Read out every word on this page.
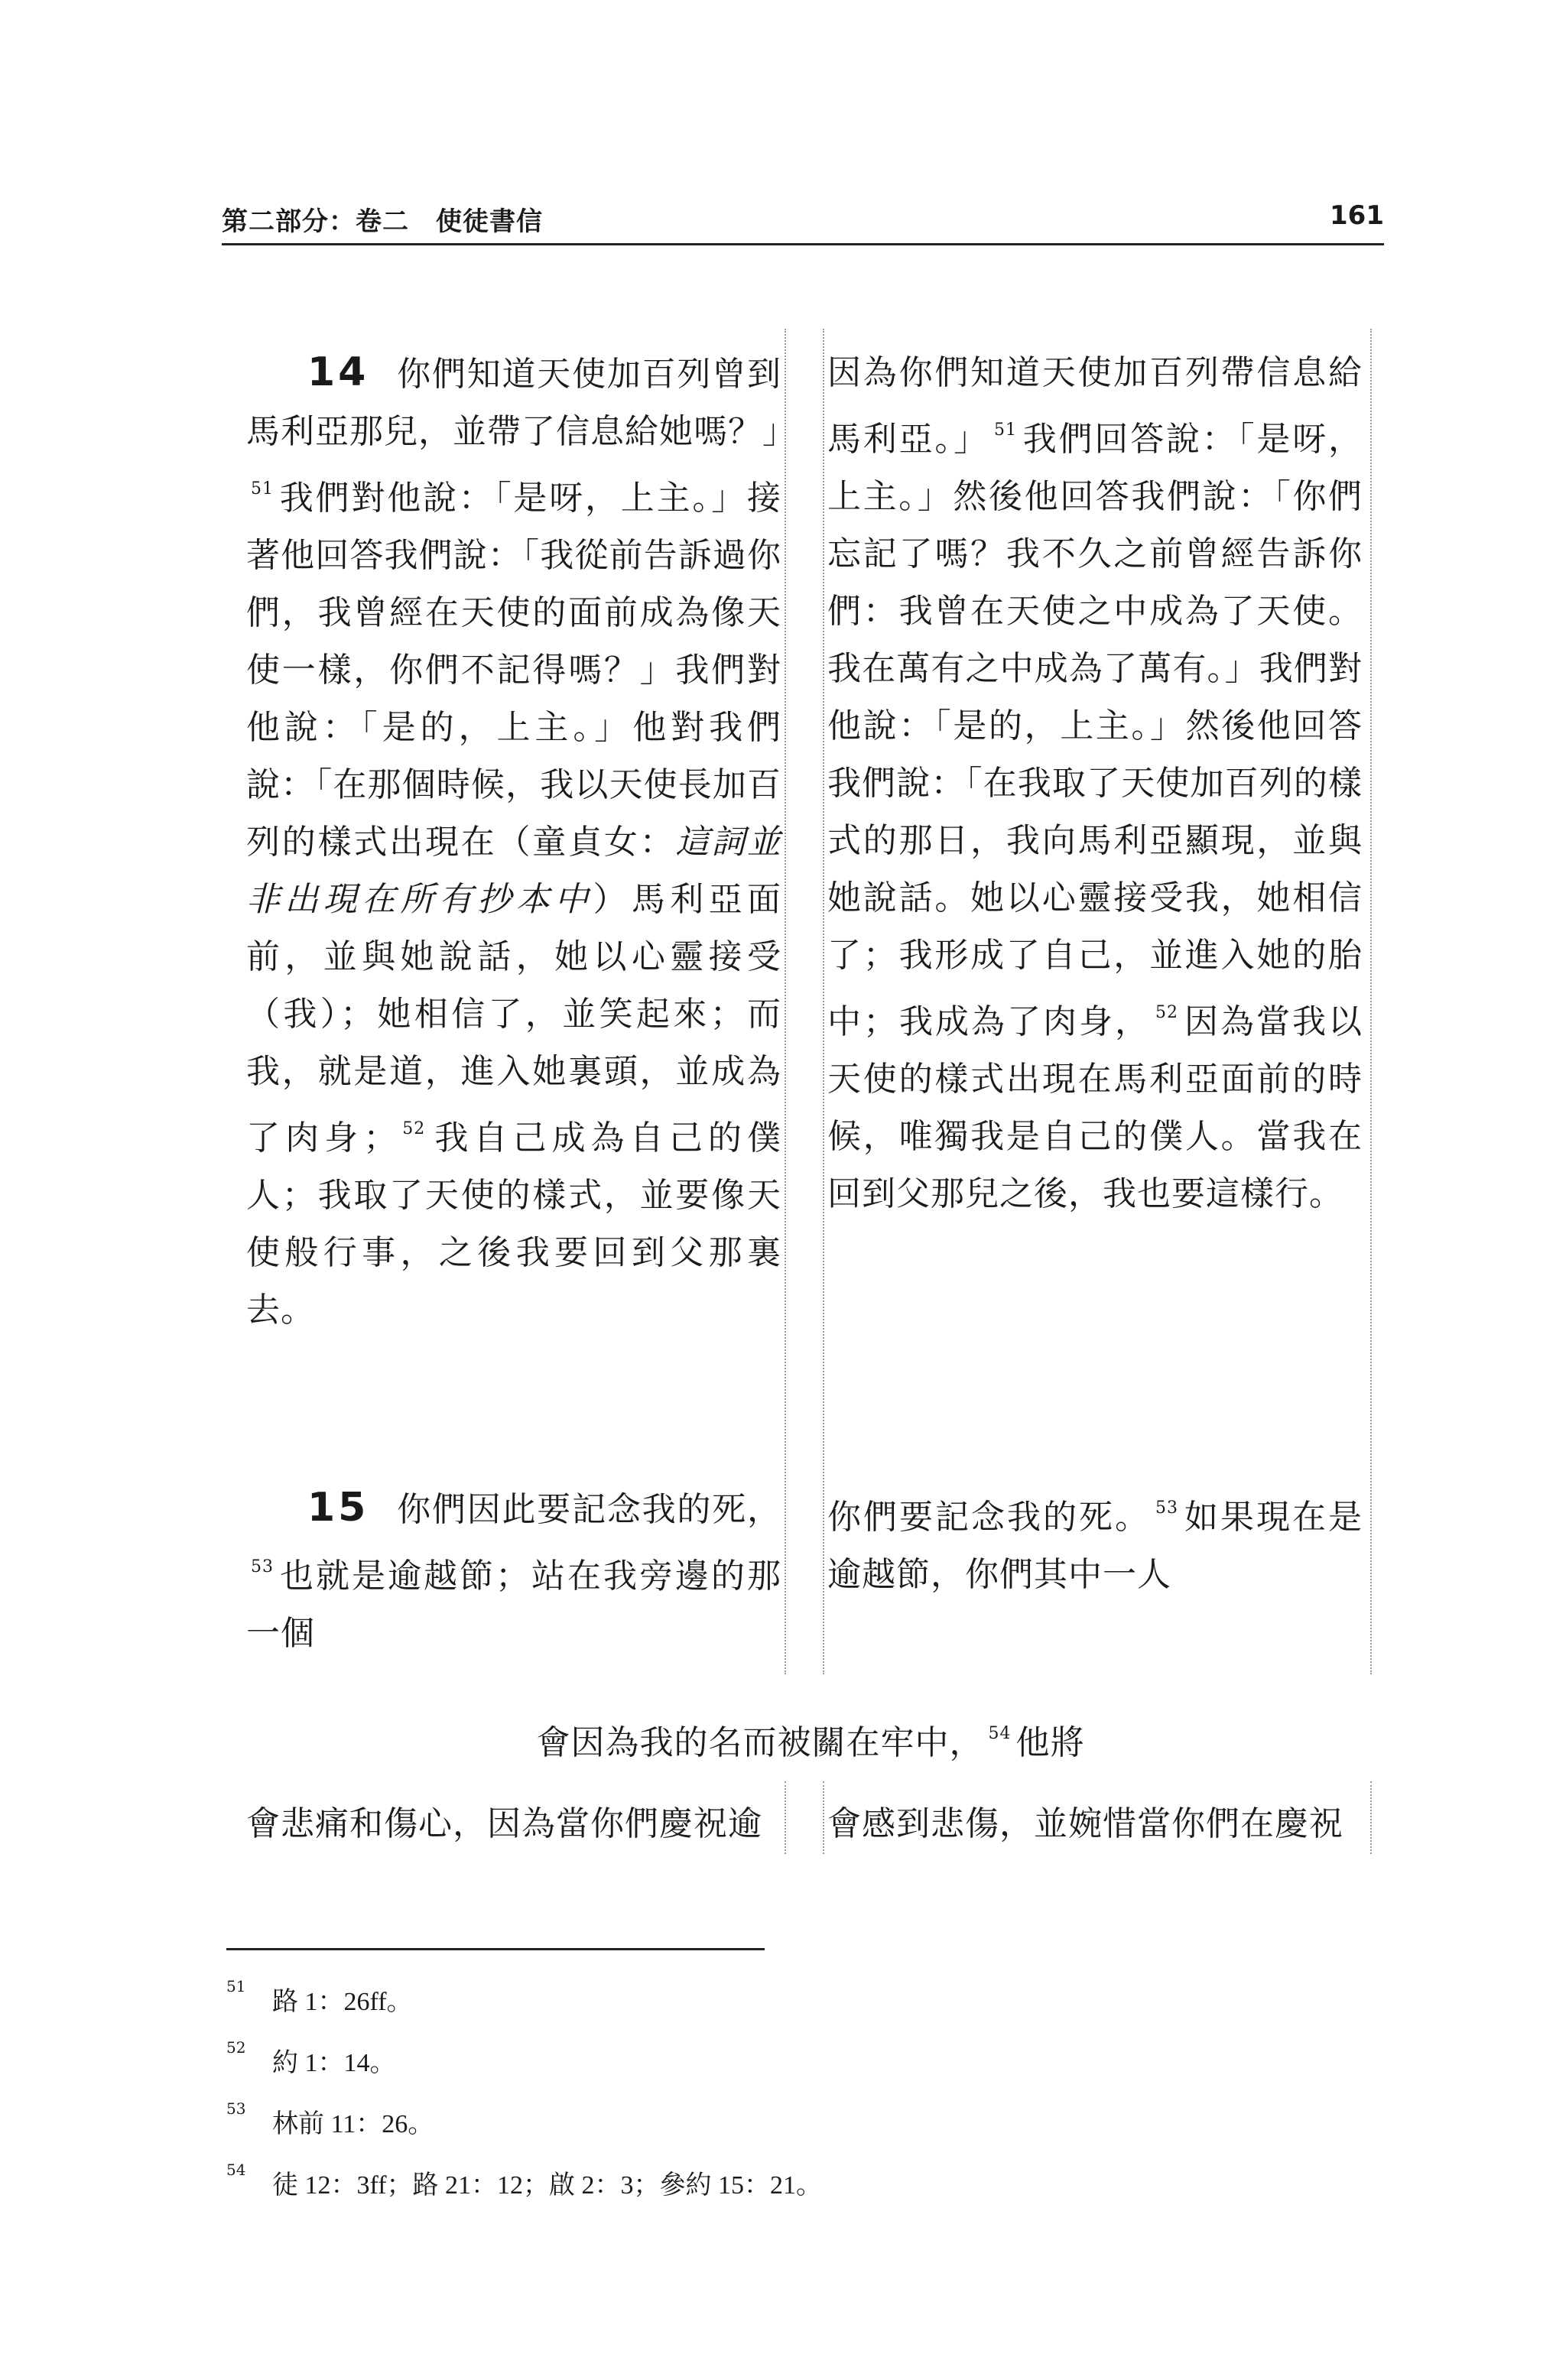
第二部分：卷二　使徒書信	161
14 你們知道天使加百列曾到馬利亞那兒，並帶了信息給她嗎？」$^{51}$ 我們對他說：「是呀，上主。」接著他回答我們說：「我從前告訴過你們，我曾經在天使的面前成為像天使一樣，你們不記得嗎？」我們對他說：「是的，上主。」他對我們說：「在那個時候，我以天使長加百列的樣式出現在（童貞女：這詞並非出現在所有抄本中）馬利亞面前，並與她說話，她以心靈接受（我）；她相信了，並笑起來；而我，就是道，進入她裏頭，並成為了肉身； $^{52}$ 我自己成為自己的僕人；我取了天使的樣式，並要像天使般行事，之後我要回到父那裏去。
因為你們知道天使加百列帶信息給馬利亞。」 $^{51}$ 我們回答說：「是呀，上主。」然後他回答我們說：「你們忘記了嗎？我不久之前曾經告訴你們：我曾在天使之中成為了天使。我在萬有之中成為了萬有。」我們對他說：「是的，上主。」然後他回答我們說：「在我取了天使加百列的樣式的那日，我向馬利亞顯現，並與她說話。她以心靈接受我，她相信了；我形成了自己，並進入她的胎中；我成為了肉身， $^{52}$ 因為當我以天使的樣式出現在馬利亞面前的時候，唯獨我是自己的僕人。當我在回到父那兒之後，我也要這樣行。
15 你們因此要記念我的死，$^{53}$ 也就是逾越節；站在我旁邊的那一個
你們要記念我的死。 $^{53}$ 如果現在是逾越節，你們其中一人
會因為我的名而被關在牢中， $^{54}$ 他將
會悲痛和傷心，因為當你們慶祝逾	會感到悲傷，並婉惜當你們在慶祝
51
路 1：26ff。
52
約 1：14。
53
林前 11：26。
54
徒 12：3ff；路 21：12；啟 2：3；參約 15：21。
